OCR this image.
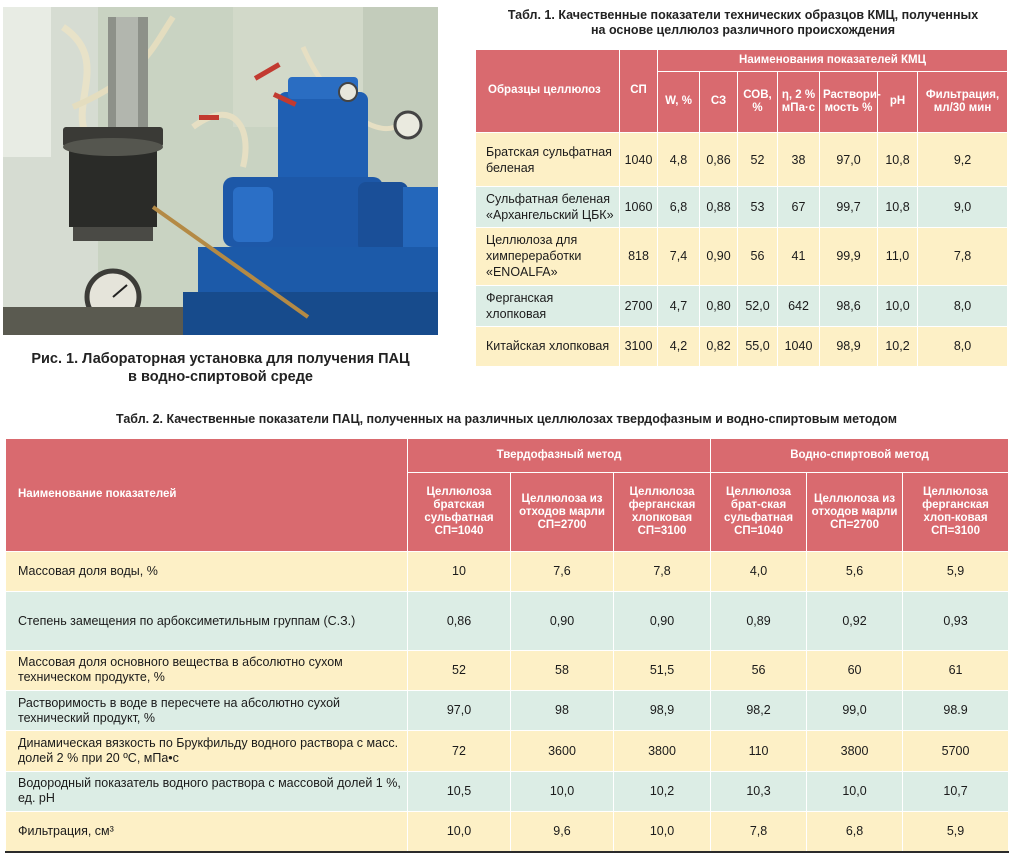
Рис. 1. Лабораторная установка для получения ПАЦ
в водно-спиртовой среде
Табл. 1. Качественные показатели технических образцов КМЦ, полученных
на основе целлюлоз различного происхождения
Образцы целлюлоз	СП	Наименования показателей КМЦ						
		W, %	СЗ	СОВ, %	η, 2 % мПа·с	Раствори-мость %	pH	Фильтрация, мл/30 мин
Братская сульфатная беленая	1040	4,8	0,86	52	38	97,0	10,8	9,2
Сульфатная беленая «Архангельский ЦБК»	1060	6,8	0,88	53	67	99,7	10,8	9,0
Целлюлоза для химпереработки «ENOALFA»	818	7,4	0,90	56	41	99,9	11,0	7,8
Ферганская хлопковая	2700	4,7	0,80	52,0	642	98,6	10,0	8,0
Китайская хлопковая	3100	4,2	0,82	55,0	1040	98,9	10,2	8,0
Табл. 2. Качественные показатели ПАЦ, полученных на различных целлюлозах твердофазным и водно-спиртовым методом
Наименование показателей	Твердофазный метод			Водно-спиртовой метод		
	Целлюлоза братская сульфатная СП=1040	Целлюлоза из отходов марли СП=2700	Целлюлоза ферганская хлопковая СП=3100	Целлюлоза брат-ская сульфатная СП=1040	Целлюлоза из отходов марли СП=2700	Целлюлоза ферганская хлоп-ковая СП=3100
Массовая доля воды, %	10	7,6	7,8	4,0	5,6	5,9
Степень замещения по арбоксиметильным группам (С.З.)	0,86	0,90	0,90	0,89	0,92	0,93
Массовая доля основного вещества в абсолютно сухом техническом продукте, %	52	58	51,5	56	60	61
Растворимость в воде в пересчете на абсолютно сухой технический продукт, %	97,0	98	98,9	98,2	99,0	98.9
Динамическая вязкость по Брукфильду водного раствора с масс. долей 2 % при 20 ºС, мПа•с	72	3600	3800	110	3800	5700
Водородный показатель водного раствора с массовой долей 1 %, ед. рН	10,5	10,0	10,2	10,3	10,0	10,7
Фильтрация, см³	10,0	9,6	10,0	7,8	6,8	5,9
